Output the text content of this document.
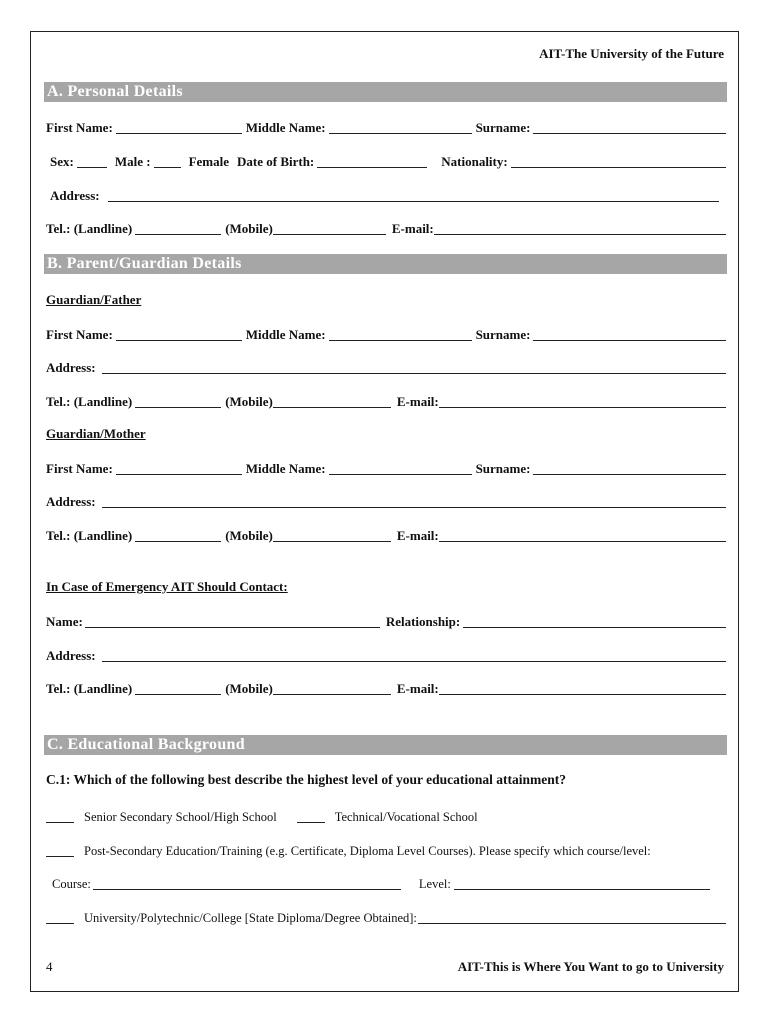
AIT-The University of the Future
A. Personal Details
First Name:	Middle Name:	Surname:
Sex:	Male :	Female Date of Birth:	Nationality:
Address:
Tel.: (Landline)	(Mobile)	E-mail:
B. Parent/Guardian Details
Guardian/Father
First Name:	Middle Name:	Surname:
Address:
Tel.: (Landline)	(Mobile)	E-mail:
Guardian/Mother
First Name:	Middle Name:	Surname:
Address:
Tel.: (Landline)	(Mobile)	E-mail:
In Case of Emergency AIT Should Contact:
Name:	Relationship:
Address:
Tel.: (Landline)	(Mobile)	E-mail:
C. Educational Background
C.1: Which of the following best describe the highest level of your educational attainment?
Senior Secondary School/High School	Technical/Vocational School
Post-Secondary Education/Training (e.g. Certificate, Diploma Level Courses). Please specify which course/level:
Course:	Level:
University/Polytechnic/College [State Diploma/Degree Obtained]:
4	AIT-This is Where You Want to go to University
